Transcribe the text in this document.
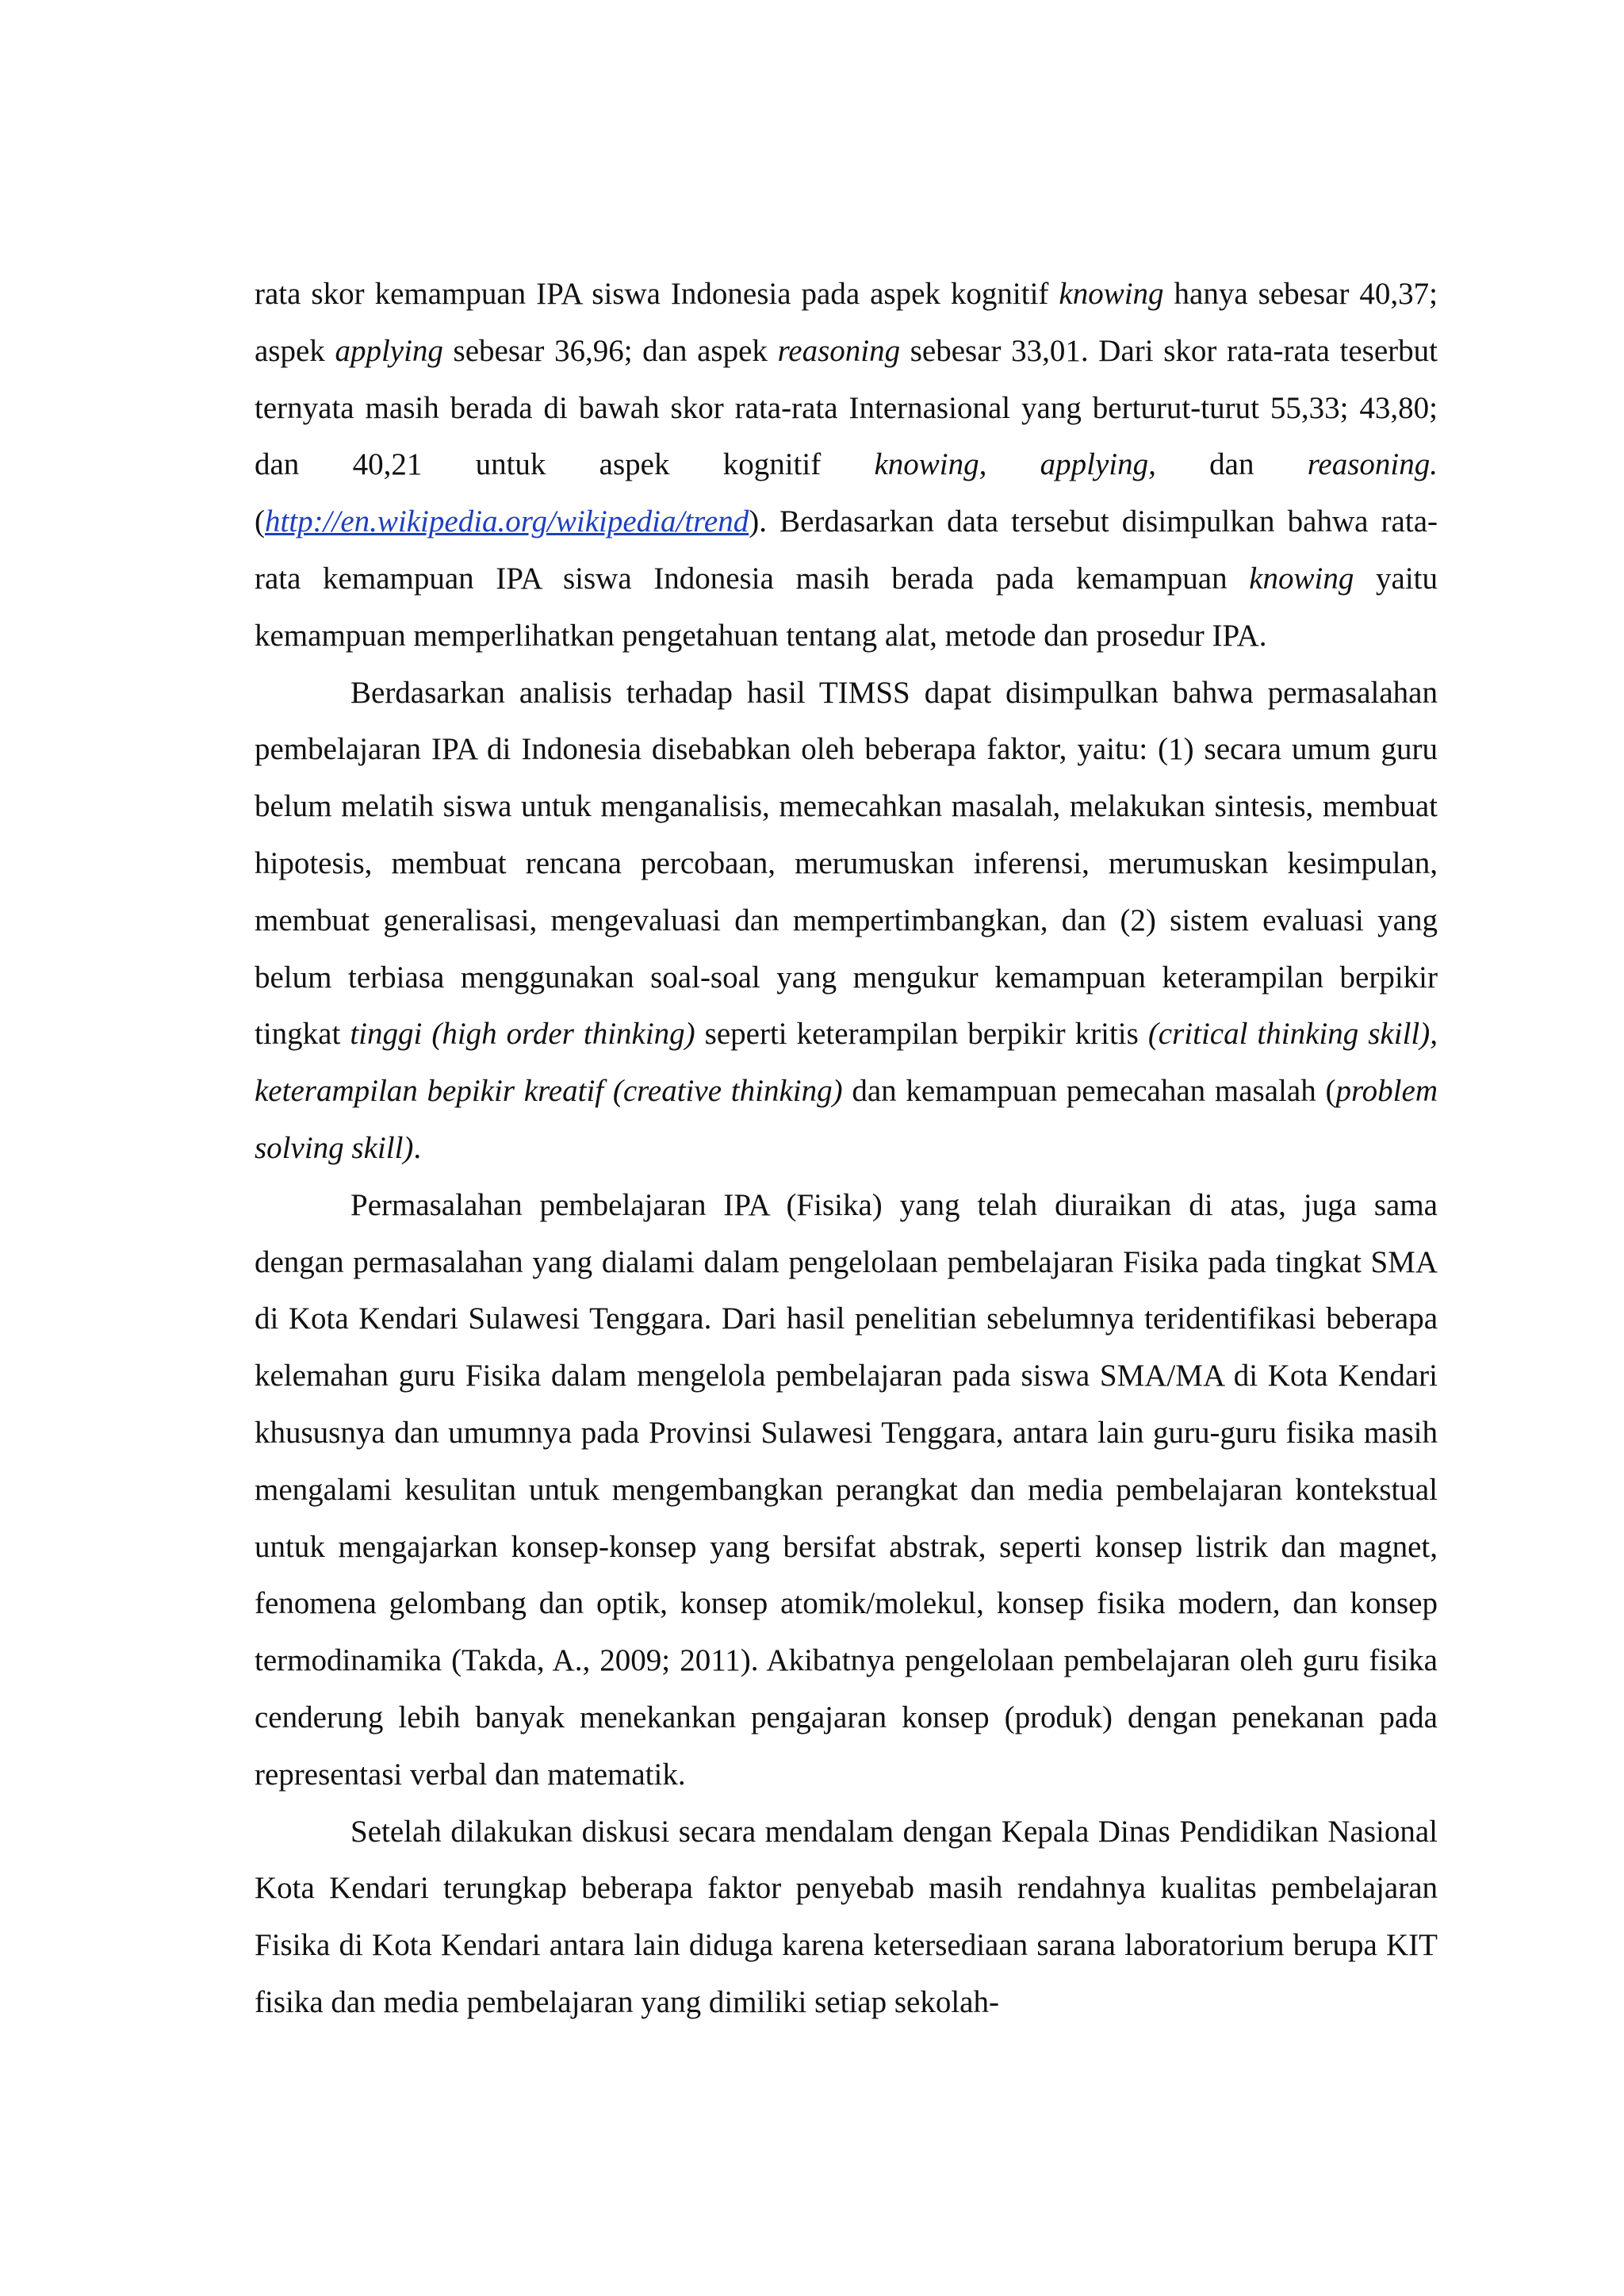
rata skor kemampuan IPA siswa Indonesia pada aspek kognitif knowing hanya sebesar 40,37; aspek applying sebesar 36,96; dan aspek reasoning sebesar 33,01. Dari skor rata-rata teserbut ternyata masih berada di bawah skor rata-rata Internasional yang berturut-turut 55,33; 43,80; dan 40,21 untuk aspek kognitif knowing, applying, dan reasoning. (http://en.wikipedia.org/wikipedia/trend). Berdasarkan data tersebut disimpulkan bahwa rata-rata kemampuan IPA siswa Indonesia masih berada pada kemampuan knowing yaitu kemampuan memperlihatkan pengetahuan tentang alat, metode dan prosedur IPA.

Berdasarkan analisis terhadap hasil TIMSS dapat disimpulkan bahwa permasalahan pembelajaran IPA di Indonesia disebabkan oleh beberapa faktor, yaitu: (1) secara umum guru belum melatih siswa untuk menganalisis, memecahkan masalah, melakukan sintesis, membuat hipotesis, membuat rencana percobaan, merumuskan inferensi, merumuskan kesimpulan, membuat generalisasi, mengevaluasi dan mempertimbangkan, dan (2) sistem evaluasi yang belum terbiasa menggunakan soal-soal yang mengukur kemampuan keterampilan berpikir tingkat tinggi (high order thinking) seperti keterampilan berpikir kritis (critical thinking skill), keterampilan bepikir kreatif (creative thinking) dan kemampuan pemecahan masalah (problem solving skill).

Permasalahan pembelajaran IPA (Fisika) yang telah diuraikan di atas, juga sama dengan permasalahan yang dialami dalam pengelolaan pembelajaran Fisika pada tingkat SMA di Kota Kendari Sulawesi Tenggara. Dari hasil penelitian sebelumnya teridentifikasi beberapa kelemahan guru Fisika dalam mengelola pembelajaran pada siswa SMA/MA di Kota Kendari khususnya dan umumnya pada Provinsi Sulawesi Tenggara, antara lain guru-guru fisika masih mengalami kesulitan untuk mengembangkan perangkat dan media pembelajaran kontekstual untuk mengajarkan konsep-konsep yang bersifat abstrak, seperti konsep listrik dan magnet, fenomena gelombang dan optik, konsep atomik/molekul, konsep fisika modern, dan konsep termodinamika (Takda, A., 2009; 2011). Akibatnya pengelolaan pembelajaran oleh guru fisika cenderung lebih banyak menekankan pengajaran konsep (produk) dengan penekanan pada representasi verbal dan matematik.

Setelah dilakukan diskusi secara mendalam dengan Kepala Dinas Pendidikan Nasional Kota Kendari terungkap beberapa faktor penyebab masih rendahnya kualitas pembelajaran Fisika di Kota Kendari antara lain diduga karena ketersediaan sarana laboratorium berupa KIT fisika dan media pembelajaran yang dimiliki setiap sekolah-
